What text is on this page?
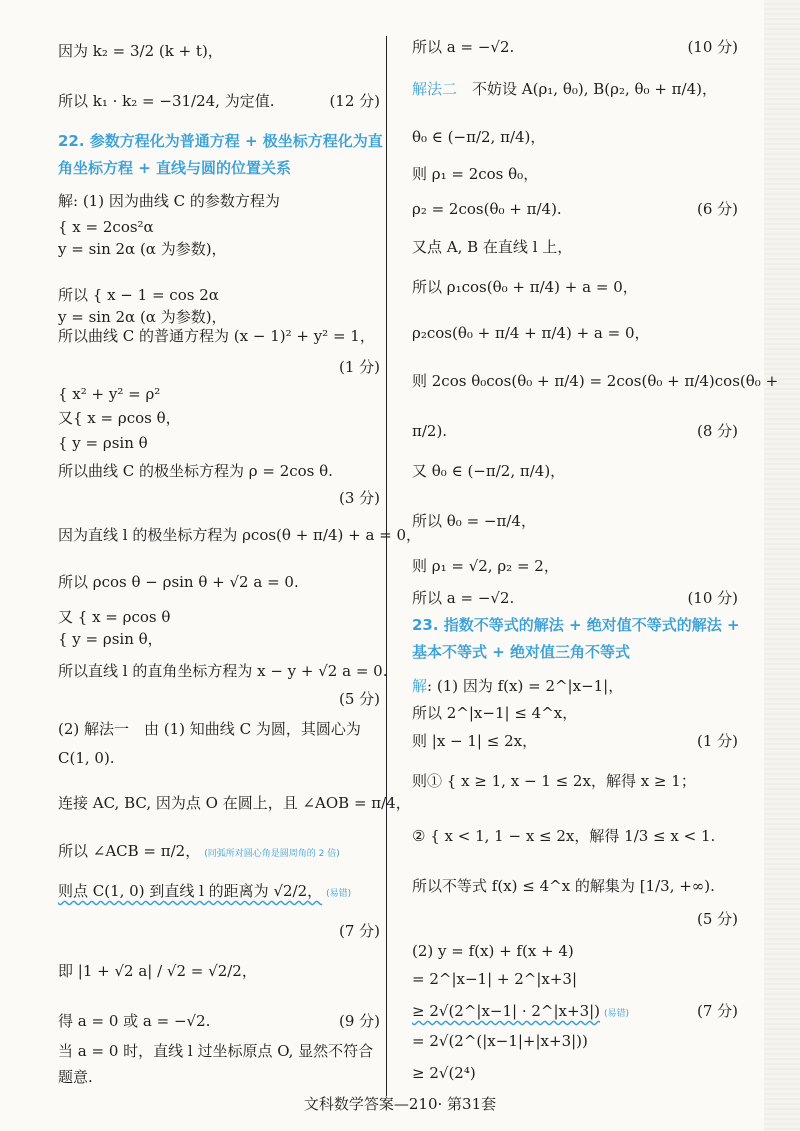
因为 k₂ = 3/2 (k + t)，
所以 k₁ · k₂ = −31/24, 为定值.	(12 分)
22. 参数方程化为普通方程 + 极坐标方程化为直
角坐标方程 + 直线与圆的位置关系
解: (1) 因为曲线 C 的参数方程为
{ x = 2cos²α
y = sin 2α (α 为参数)，
所以 { x − 1 = cos 2α
y = sin 2α (α 为参数)，
所以曲线 C 的普通方程为 (x − 1)² + y² = 1，
(1 分)
{ x² + y² = ρ²
又{ x = ρcos θ，
{ y = ρsin θ
所以曲线 C 的极坐标方程为 ρ = 2cos θ.
(3 分)
因为直线 l 的极坐标方程为 ρcos(θ + π/4) + a = 0，
所以 ρcos θ − ρsin θ + √2 a = 0.
又 { x = ρcos θ
{ y = ρsin θ，
所以直线 l 的直角坐标方程为 x − y + √2 a = 0.
(5 分)
(2) 解法一　由 (1) 知曲线 C 为圆，其圆心为
C(1, 0).
连接 AC, BC, 因为点 O 在圆上，且 ∠AOB = π/4，
所以 ∠ACB = π/2， (同弧所对圆心角是圆周角的 2 倍)
则点 C(1, 0) 到直线 l 的距离为 √2/2， (易错)
(7 分)
即 |1 + √2 a| / √2 = √2/2，
得 a = 0 或 a = −√2.	(9 分)
当 a = 0 时，直线 l 过坐标原点 O, 显然不符合
题意.
所以 a = −√2.	(10 分)
解法二　不妨设 A(ρ₁, θ₀), B(ρ₂, θ₀ + π/4)，
θ₀ ∈ (−π/2, π/4)，
则 ρ₁ = 2cos θ₀，
ρ₂ = 2cos(θ₀ + π/4).	(6 分)
又点 A, B 在直线 l 上，
所以 ρ₁cos(θ₀ + π/4) + a = 0，
ρ₂cos(θ₀ + π/4 + π/4) + a = 0，
则 2cos θ₀cos(θ₀ + π/4) = 2cos(θ₀ + π/4)cos(θ₀ +
π/2).	(8 分)
又 θ₀ ∈ (−π/2, π/4)，
所以 θ₀ = −π/4，
则 ρ₁ = √2, ρ₂ = 2，
所以 a = −√2.	(10 分)
23. 指数不等式的解法 + 绝对值不等式的解法 +
基本不等式 + 绝对值三角不等式
解: (1) 因为 f(x) = 2^|x−1|，
所以 2^|x−1| ≤ 4^x，
则 |x − 1| ≤ 2x，	(1 分)
则① { x ≥ 1, x − 1 ≤ 2x，解得 x ≥ 1；
② { x < 1, 1 − x ≤ 2x，解得 1/3 ≤ x < 1.
所以不等式 f(x) ≤ 4^x 的解集为 [1/3, +∞).
(5 分)
(2) y = f(x) + f(x + 4)
= 2^|x−1| + 2^|x+3|
≥ 2√(2^|x−1| · 2^|x+3|) (易错)	(7 分)
= 2√(2^(|x−1|+|x+3|))
≥ 2√(2⁴)
文科数学答案—210· 第31套
